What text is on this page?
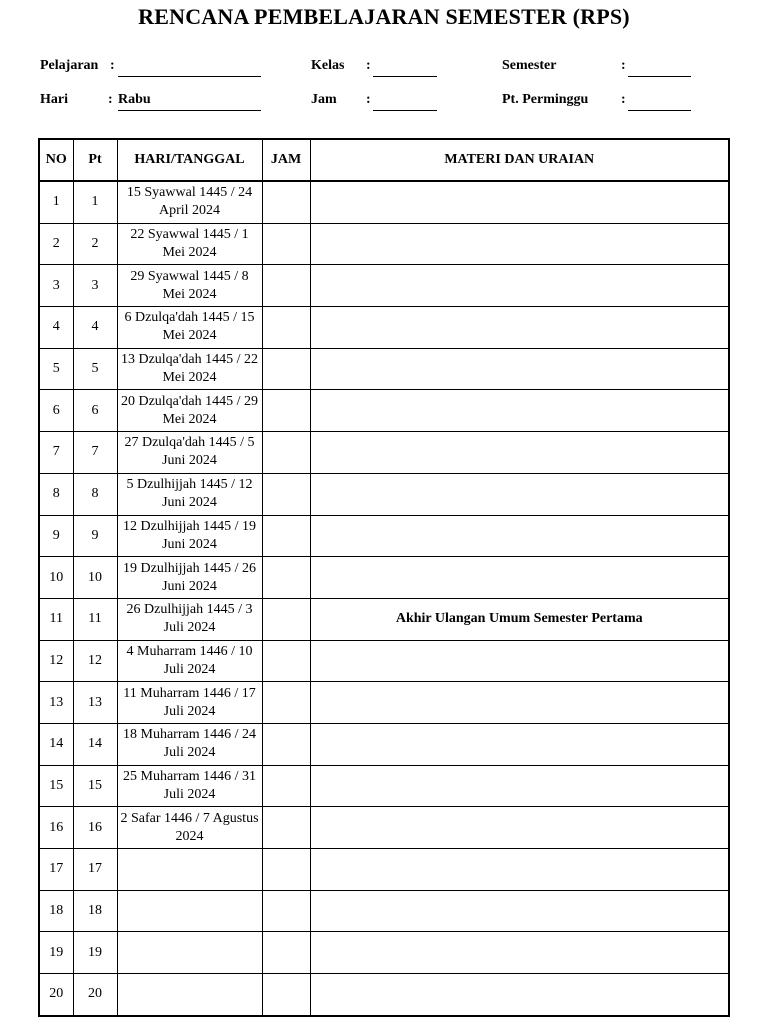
RENCANA PEMBELAJARAN SEMESTER (RPS)
Pelajaran :	Kelas :	Semester	:
Hari	: Rabu	Jam :	Pt. Perminggu :
NO	Pt	HARI/TANGGAL	JAM	MATERI DAN URAIAN
1	1	15 Syawwal 1445 / 24 April 2024		
2	2	22 Syawwal 1445 / 1 Mei 2024		
3	3	29 Syawwal 1445 / 8 Mei 2024		
4	4	6 Dzulqa'dah 1445 / 15 Mei 2024		
5	5	13 Dzulqa'dah 1445 / 22 Mei 2024		
6	6	20 Dzulqa'dah 1445 / 29 Mei 2024		
7	7	27 Dzulqa'dah 1445 / 5 Juni 2024		
8	8	5 Dzulhijjah 1445 / 12 Juni 2024		
9	9	12 Dzulhijjah 1445 / 19 Juni 2024		
10	10	19 Dzulhijjah 1445 / 26 Juni 2024		
11	11	26 Dzulhijjah 1445 / 3 Juli 2024		Akhir Ulangan Umum Semester Pertama
12	12	4 Muharram 1446 / 10 Juli 2024		
13	13	11 Muharram 1446 / 17 Juli 2024		
14	14	18 Muharram 1446 / 24 Juli 2024		
15	15	25 Muharram 1446 / 31 Juli 2024		
16	16	2 Safar 1446 / 7 Agustus 2024		
17	17			
18	18			
19	19			
20	20			
